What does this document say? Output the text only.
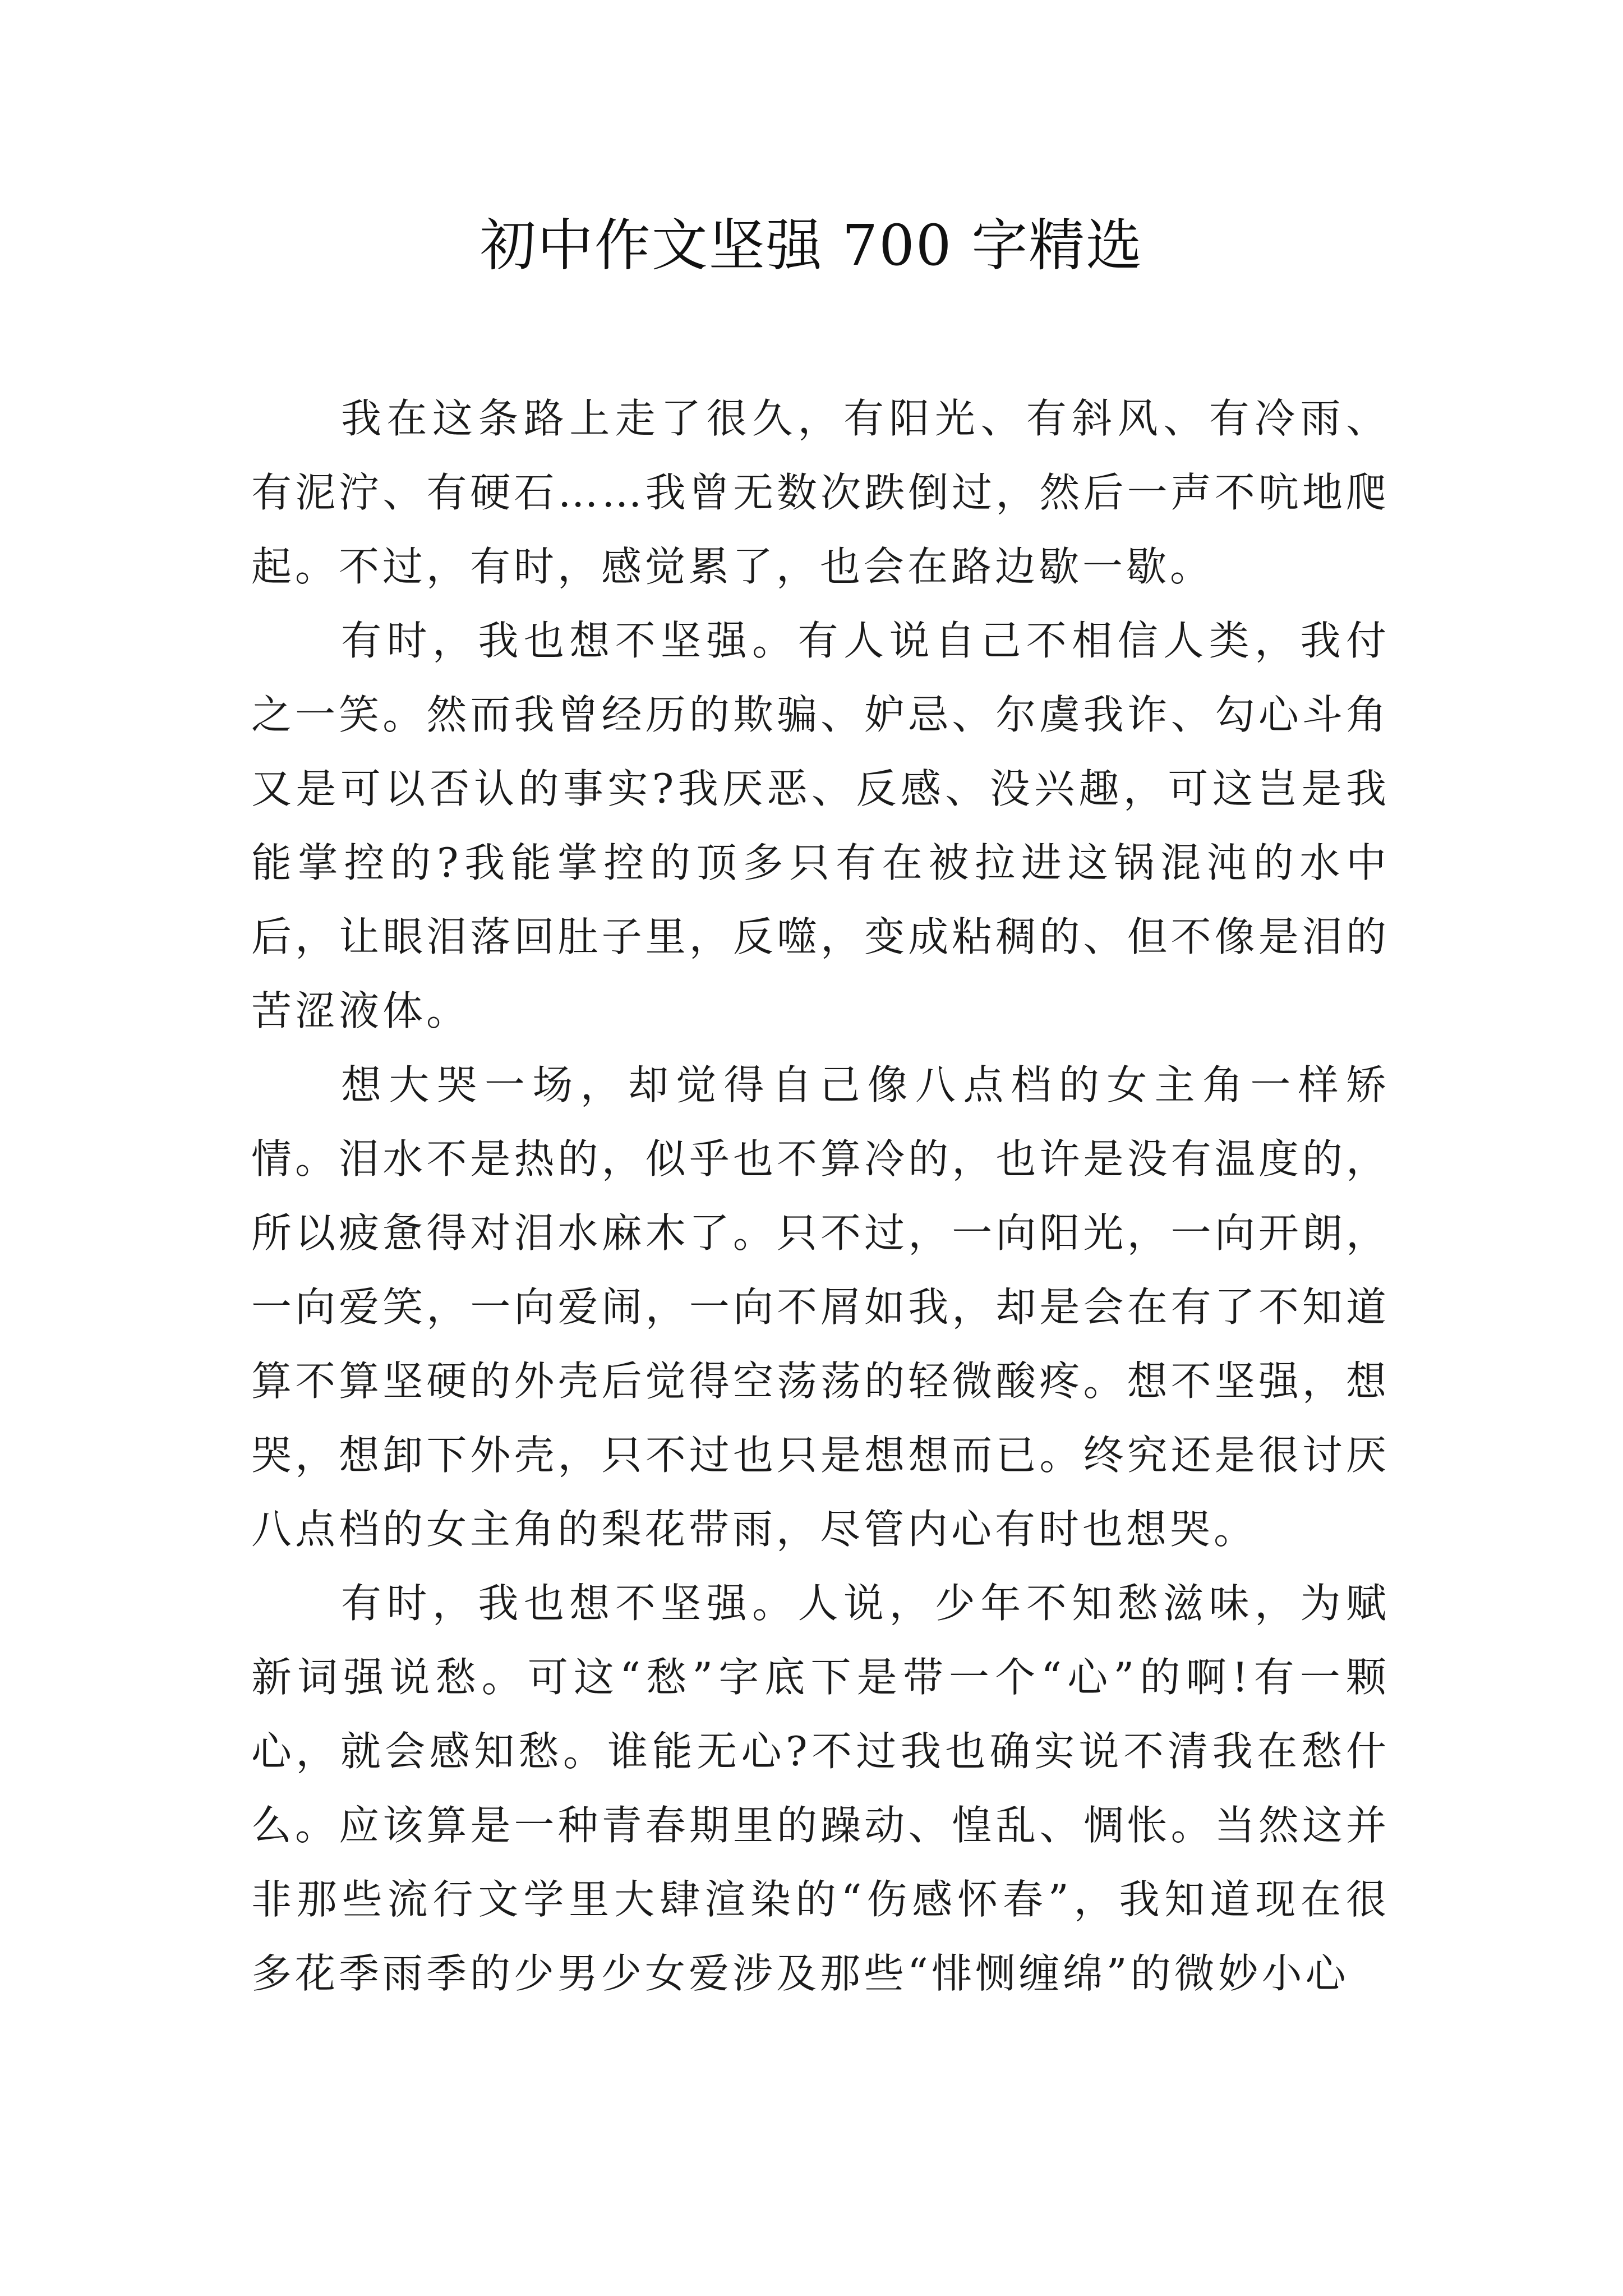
初中作文坚强 700 字精选

我在这条路上走了很久，有阳光、有斜风、有冷雨、有泥泞、有硬石……我曾无数次跌倒过，然后一声不吭地爬起。不过，有时，感觉累了，也会在路边歇一歇。

有时，我也想不坚强。有人说自己不相信人类，我付之一笑。然而我曾经历的欺骗、妒忌、尔虞我诈、勾心斗角又是可以否认的事实?我厌恶、反感、没兴趣，可这岂是我能掌控的?我能掌控的顶多只有在被拉进这锅混沌的水中后，让眼泪落回肚子里，反噬，变成粘稠的、但不像是泪的苦涩液体。

想大哭一场，却觉得自己像八点档的女主角一样矫情。泪水不是热的，似乎也不算冷的，也许是没有温度的，所以疲惫得对泪水麻木了。只不过，一向阳光，一向开朗，一向爱笑，一向爱闹，一向不屑如我，却是会在有了不知道算不算坚硬的外壳后觉得空荡荡的轻微酸疼。想不坚强，想哭，想卸下外壳，只不过也只是想想而已。终究还是很讨厌八点档的女主角的梨花带雨，尽管内心有时也想哭。

有时，我也想不坚强。人说，少年不知愁滋味，为赋新词强说愁。可这“愁”字底下是带一个“心”的啊!有一颗心，就会感知愁。谁能无心?不过我也确实说不清我在愁什么。应该算是一种青春期里的躁动、惶乱、惆怅。当然这并非那些流行文学里大肆渲染的“伤感怀春”，我知道现在很多花季雨季的少男少女爱涉及那些“悱恻缠绵”的微妙小心
